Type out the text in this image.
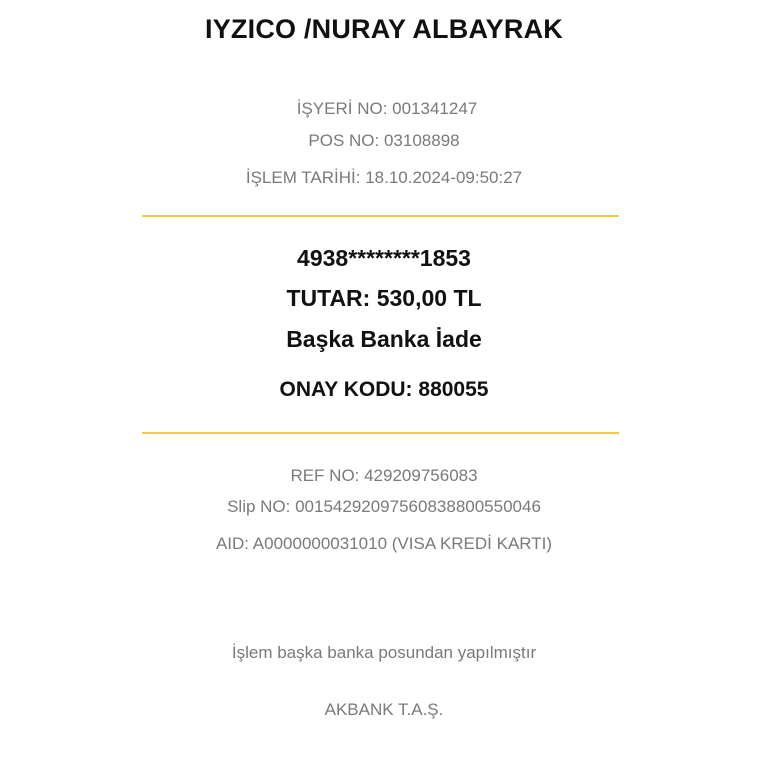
IYZICO /NURAY ALBAYRAK
İŞYERİ NO: 001341247
POS NO: 03108898
İŞLEM TARİHİ: 18.10.2024-09:50:27
4938********1853
TUTAR: 530,00 TL
Başka Banka İade
ONAY KODU: 880055
REF NO: 429209756083
Slip NO: 0015429209756083880055004​6
AID: A0000000031010 (VISA KREDİ KARTI)
İşlem başka banka posundan yapılmıştır
AKBANK T.A.Ş.
